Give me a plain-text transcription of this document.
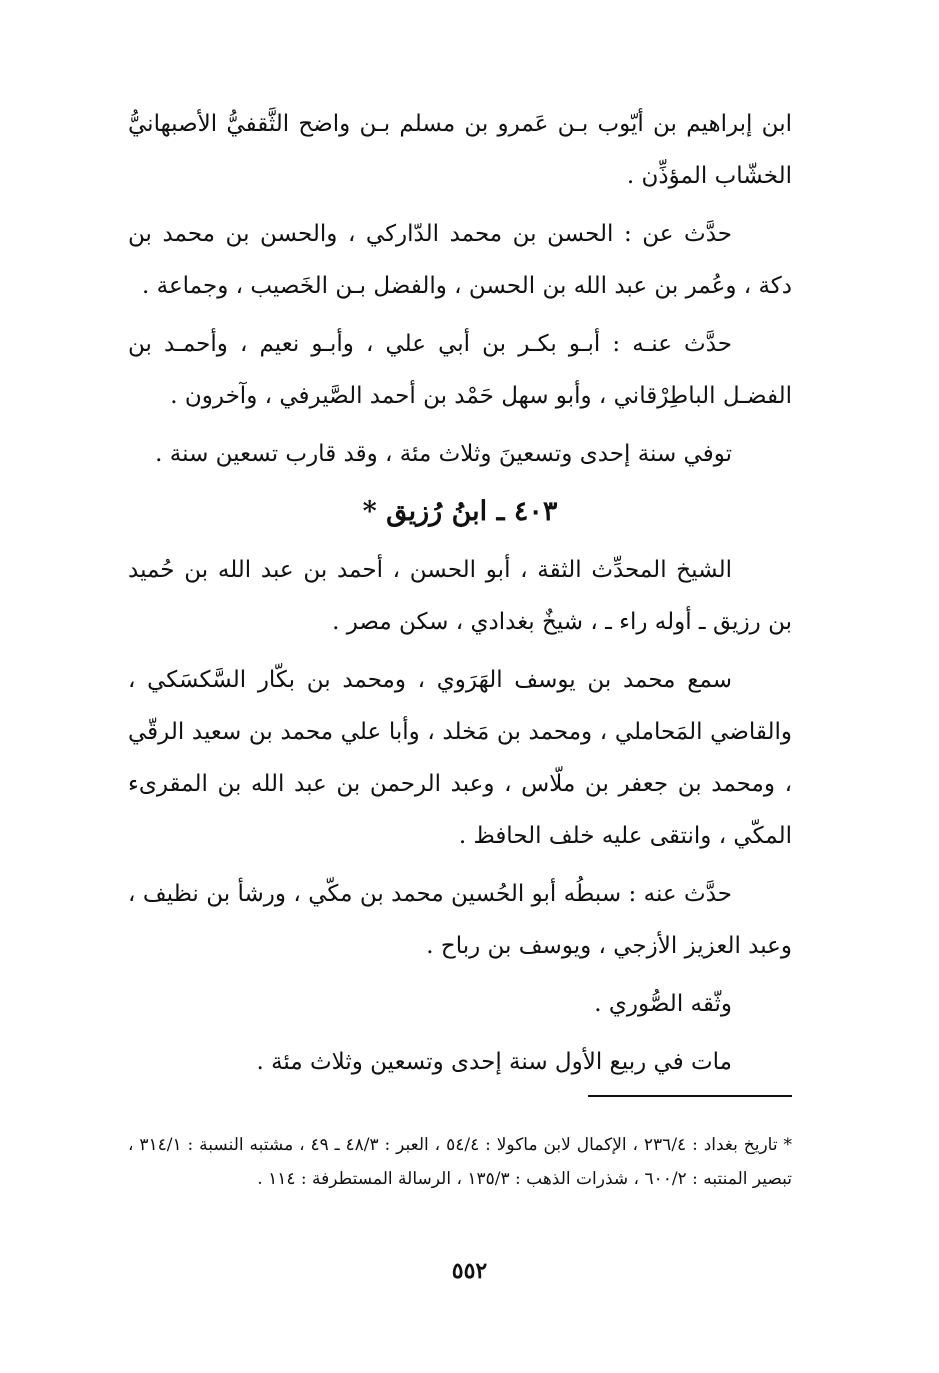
ابن إبراهيم بن أيّوب بـن عَمرو بن مسلم بـن واضح الثَّقفيُّ الأصبهانيُّ الخشّاب المؤذِّن .

حدَّث عن : الحسن بن محمد الدّاركي ، والحسن بن محمد بن دكة ، وعُمر بن عبد الله بن الحسن ، والفضل بـن الخَصيب ، وجماعة .

حدَّث عنـه : أبـو بكـر بن أبي علي ، وأبـو نعيم ، وأحمـد بن الفضـل الباطِرْقاني ، وأبو سهل حَمْد بن أحمد الصَّيرفي ، وآخرون .

توفي سنة إحدى وتسعينَ وثلاث مئة ، وقد قارب تسعين سنة .

٤٠٣ ـ ابنُ رُزيق *

الشيخ المحدِّث الثقة ، أبو الحسن ، أحمد بن عبد الله بن حُميد بن رزيق ـ أوله راء ـ ، شيخٌ بغدادي ، سكن مصر .

سمع محمد بن يوسف الهَرَوي ، ومحمد بن بكّار السَّكسَكي ، والقاضي المَحاملي ، ومحمد بن مَخلد ، وأبا علي محمد بن سعيد الرقّي ، ومحمد بن جعفر بن ملّاس ، وعبد الرحمن بن عبد الله بن المقرىء المكّي ، وانتقى عليه خلف الحافظ .

حدَّث عنه : سبطُه أبو الحُسين محمد بن مكّي ، ورشأ بن نظيف ، وعبد العزيز الأزجي ، ويوسف بن رباح .

وثّقه الصُّوري .

مات في ربيع الأول سنة إحدى وتسعين وثلاث مئة .

* تاريخ بغداد : ٢٣٦/٤ ، الإكمال لابن ماكولا : ٥٤/٤ ، العبر : ٤٨/٣ ـ ٤٩ ، مشتبه النسبة : ٣١٤/١ ، تبصير المنتبه : ٦٠٠/٢ ، شذرات الذهب : ١٣٥/٣ ، الرسالة المستطرفة : ١١٤ .
٥٥٢
